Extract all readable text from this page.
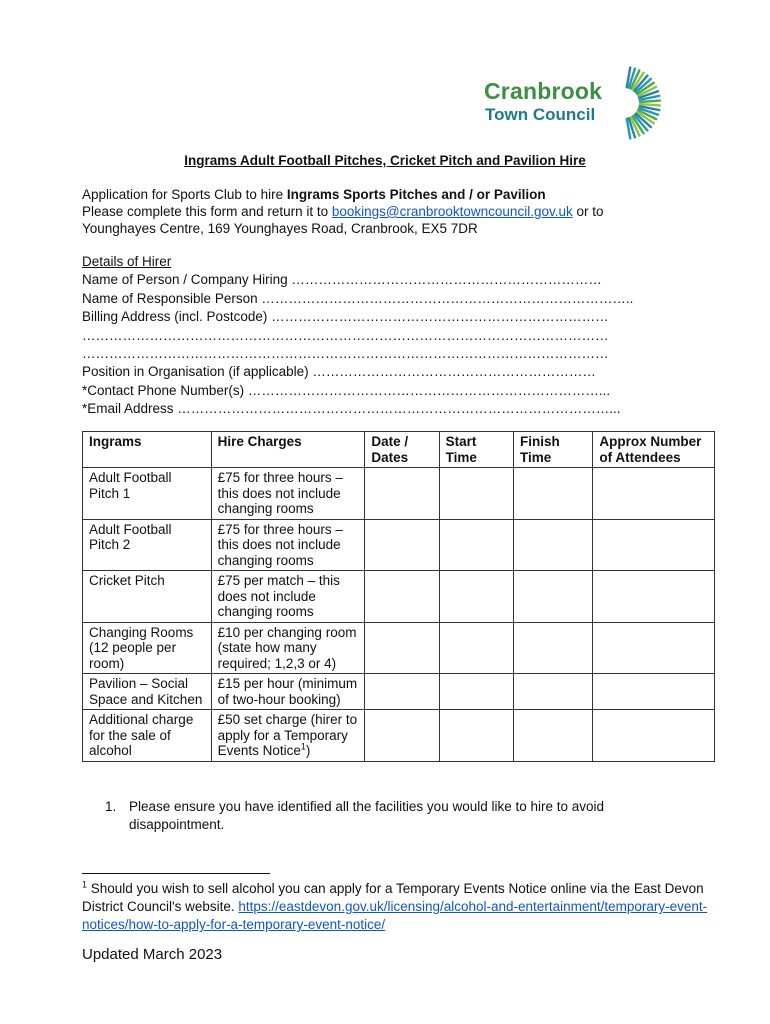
Cranbrook
Town Council
Ingrams Adult Football Pitches, Cricket Pitch and Pavilion Hire
Application for Sports Club to hire Ingrams Sports Pitches and / or Pavilion
Please complete this form and return it to bookings@cranbrooktowncouncil.gov.uk or to
Younghayes Centre, 169 Younghayes Road, Cranbrook, EX5 7DR
Details of Hirer
Name of Person / Company Hiring ……………………………………………………………
Name of Responsible Person ………………………………………………………………………..
Billing Address (incl. Postcode) …………………………………………………………………
………………………………………………………………………………………………………
………………………………………………………………………………………………………
Position in Organisation (if applicable) ………………………………………………………
*Contact Phone Number(s) ……………………………………………………………………...
*Email Address ……………………………………………………………………………………...
Ingrams	Hire Charges	Date / Dates	Start Time	Finish Time	Approx Number of Attendees
Adult Football Pitch 1	£75 for three hours – this does not include changing rooms				
Adult Football Pitch 2	£75 for three hours – this does not include changing rooms				
Cricket Pitch	£75 per match – this does not include changing rooms				
Changing Rooms (12 people per room)	£10 per changing room (state how many required; 1,2,3 or 4)				
Pavilion – Social Space and Kitchen	£15 per hour (minimum of two-hour booking)				
Additional charge for the sale of alcohol	£50 set charge (hirer to apply for a Temporary Events Notice$^1$)				
1. Please ensure you have identified all the facilities you would like to hire to avoid disappointment.
$^1$ Should you wish to sell alcohol you can apply for a Temporary Events Notice online via the East Devon District Council's website. https://eastdevon.gov.uk/licensing/alcohol-and-entertainment/temporary-event-notices/how-to-apply-for-a-temporary-event-notice/
Updated March 2023
